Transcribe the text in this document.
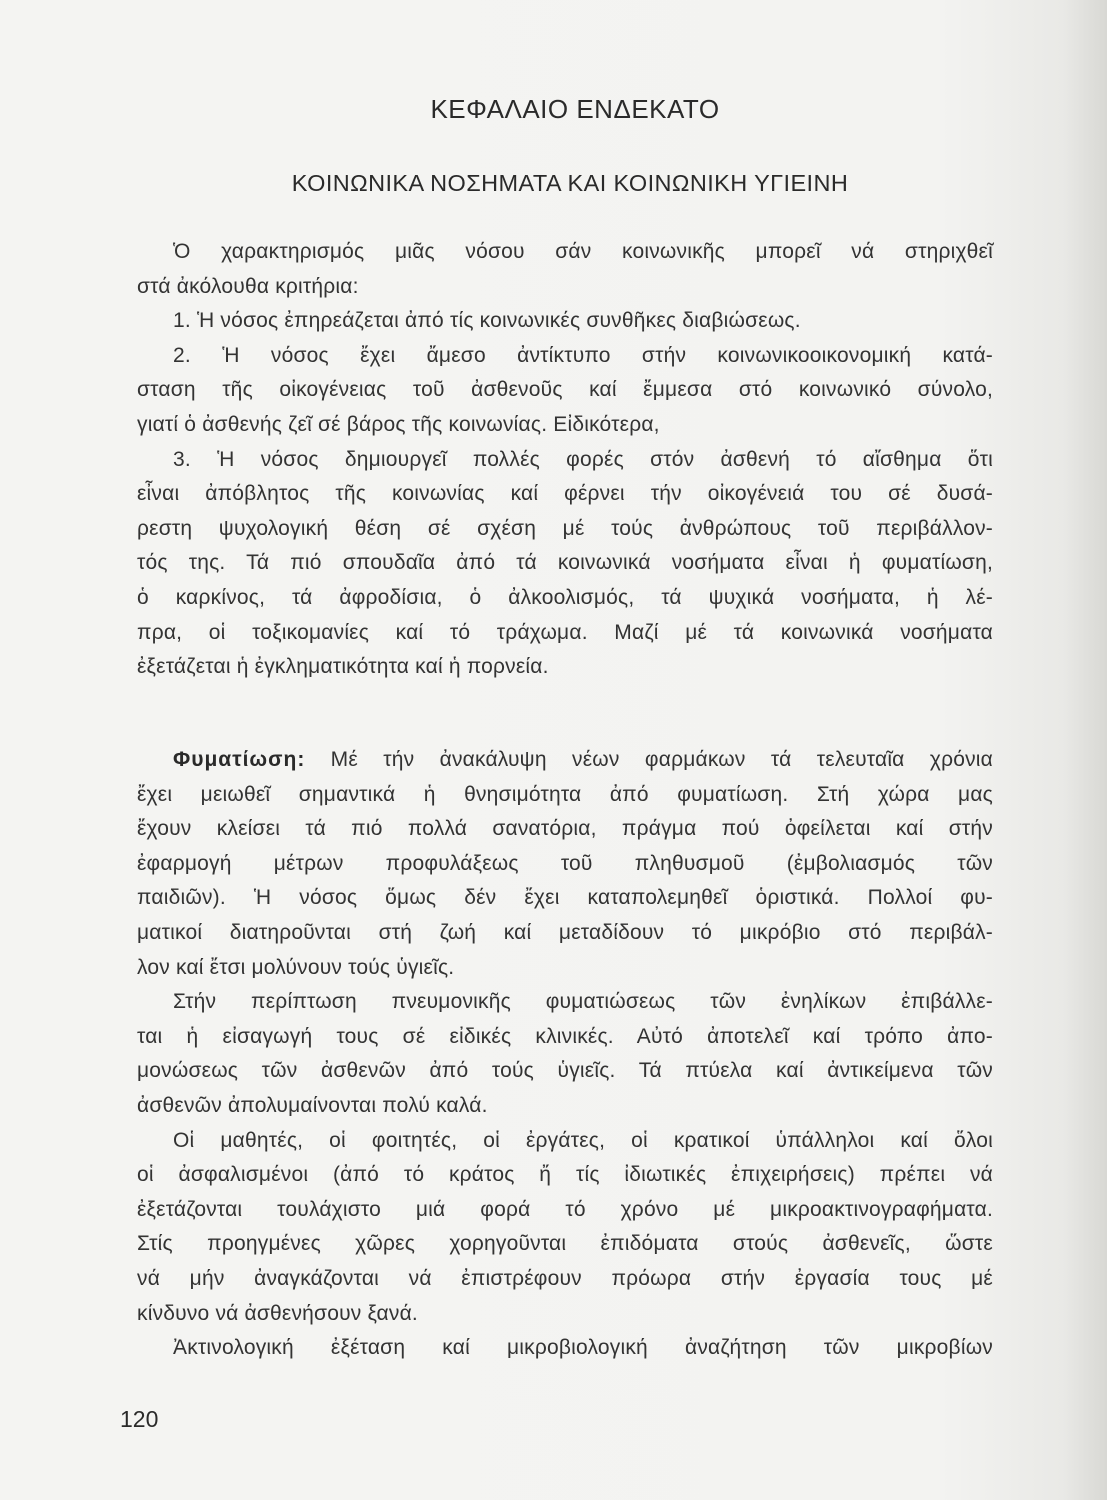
ΚΕΦΑΛΑΙΟ ΕΝΔΕΚΑΤΟ
ΚΟΙΝΩΝΙΚΑ ΝΟΣΗΜΑΤΑ ΚΑΙ ΚΟΙΝΩΝΙΚΗ ΥΓΙΕΙΝΗ
Ὁ χαρακτηρισμός μιᾶς νόσου σάν κοινωνικῆς μπορεῖ νά στηριχθεῖ
στά ἀκόλουθα κριτήρια:
1. Ἡ νόσος ἐπηρεάζεται ἀπό τίς κοινωνικές συνθῆκες διαβιώσεως.
2. Ἡ νόσος ἔχει ἄμεσο ἀντίκτυπο στήν κοινωνικοοικονομική κατά-
σταση τῆς οἰκογένειας τοῦ ἀσθενοῦς καί ἔμμεσα στό κοινωνικό σύνολο,
γιατί ὁ ἀσθενής ζεῖ σέ βάρος τῆς κοινωνίας. Εἰδικότερα,
3. Ἡ νόσος δημιουργεῖ πολλές φορές στόν ἀσθενή τό αἴσθημα ὅτι
εἶναι ἀπόβλητος τῆς κοινωνίας καί φέρνει τήν οἰκογένειά του σέ δυσά-
ρεστη ψυχολογική θέση σέ σχέση μέ τούς ἀνθρώπους τοῦ περιβάλλον-
τός της. Τά πιό σπουδαῖα ἀπό τά κοινωνικά νοσήματα εἶναι ἡ φυματίωση,
ὁ καρκίνος, τά ἀφροδίσια, ὁ ἀλκοολισμός, τά ψυχικά νοσήματα, ἡ λέ-
πρα, οἱ τοξικομανίες καί τό τράχωμα. Μαζί μέ τά κοινωνικά νοσήματα
ἐξετάζεται ἡ ἐγκληματικότητα καί ἡ πορνεία.
Φυματίωση: Μέ τήν ἀνακάλυψη νέων φαρμάκων τά τελευταῖα χρόνια
ἔχει μειωθεῖ σημαντικά ἡ θνησιμότητα ἀπό φυματίωση. Στή χώρα μας
ἔχουν κλείσει τά πιό πολλά σανατόρια, πράγμα πού ὀφείλεται καί στήν
ἐφαρμογή μέτρων προφυλάξεως τοῦ πληθυσμοῦ (ἐμβολιασμός τῶν
παιδιῶν). Ἡ νόσος ὅμως δέν ἔχει καταπολεμηθεῖ ὁριστικά. Πολλοί φυ-
ματικοί διατηροῦνται στή ζωή καί μεταδίδουν τό μικρόβιο στό περιβάλ-
λον καί ἔτσι μολύνουν τούς ὑγιεῖς.
Στήν περίπτωση πνευμονικῆς φυματιώσεως τῶν ἐνηλίκων ἐπιβάλλε-
ται ἡ εἰσαγωγή τους σέ εἰδικές κλινικές. Αὐτό ἀποτελεῖ καί τρόπο ἀπο-
μονώσεως τῶν ἀσθενῶν ἀπό τούς ὑγιεῖς. Τά πτύελα καί ἀντικείμενα τῶν
ἀσθενῶν ἀπολυμαίνονται πολύ καλά.
Οἱ μαθητές, οἱ φοιτητές, οἱ ἐργάτες, οἱ κρατικοί ὑπάλληλοι καί ὅλοι
οἱ ἀσφαλισμένοι (ἀπό τό κράτος ἤ τίς ἰδιωτικές ἐπιχειρήσεις) πρέπει νά
ἐξετάζονται τουλάχιστο μιά φορά τό χρόνο μέ μικροακτινογραφήματα.
Στίς προηγμένες χῶρες χορηγοῦνται ἐπιδόματα στούς ἀσθενεῖς, ὥστε
νά μήν ἀναγκάζονται νά ἐπιστρέφουν πρόωρα στήν ἐργασία τους μέ
κίνδυνο νά ἀσθενήσουν ξανά.
Ἀκτινολογική ἐξέταση καί μικροβιολογική ἀναζήτηση τῶν μικροβίων
120
